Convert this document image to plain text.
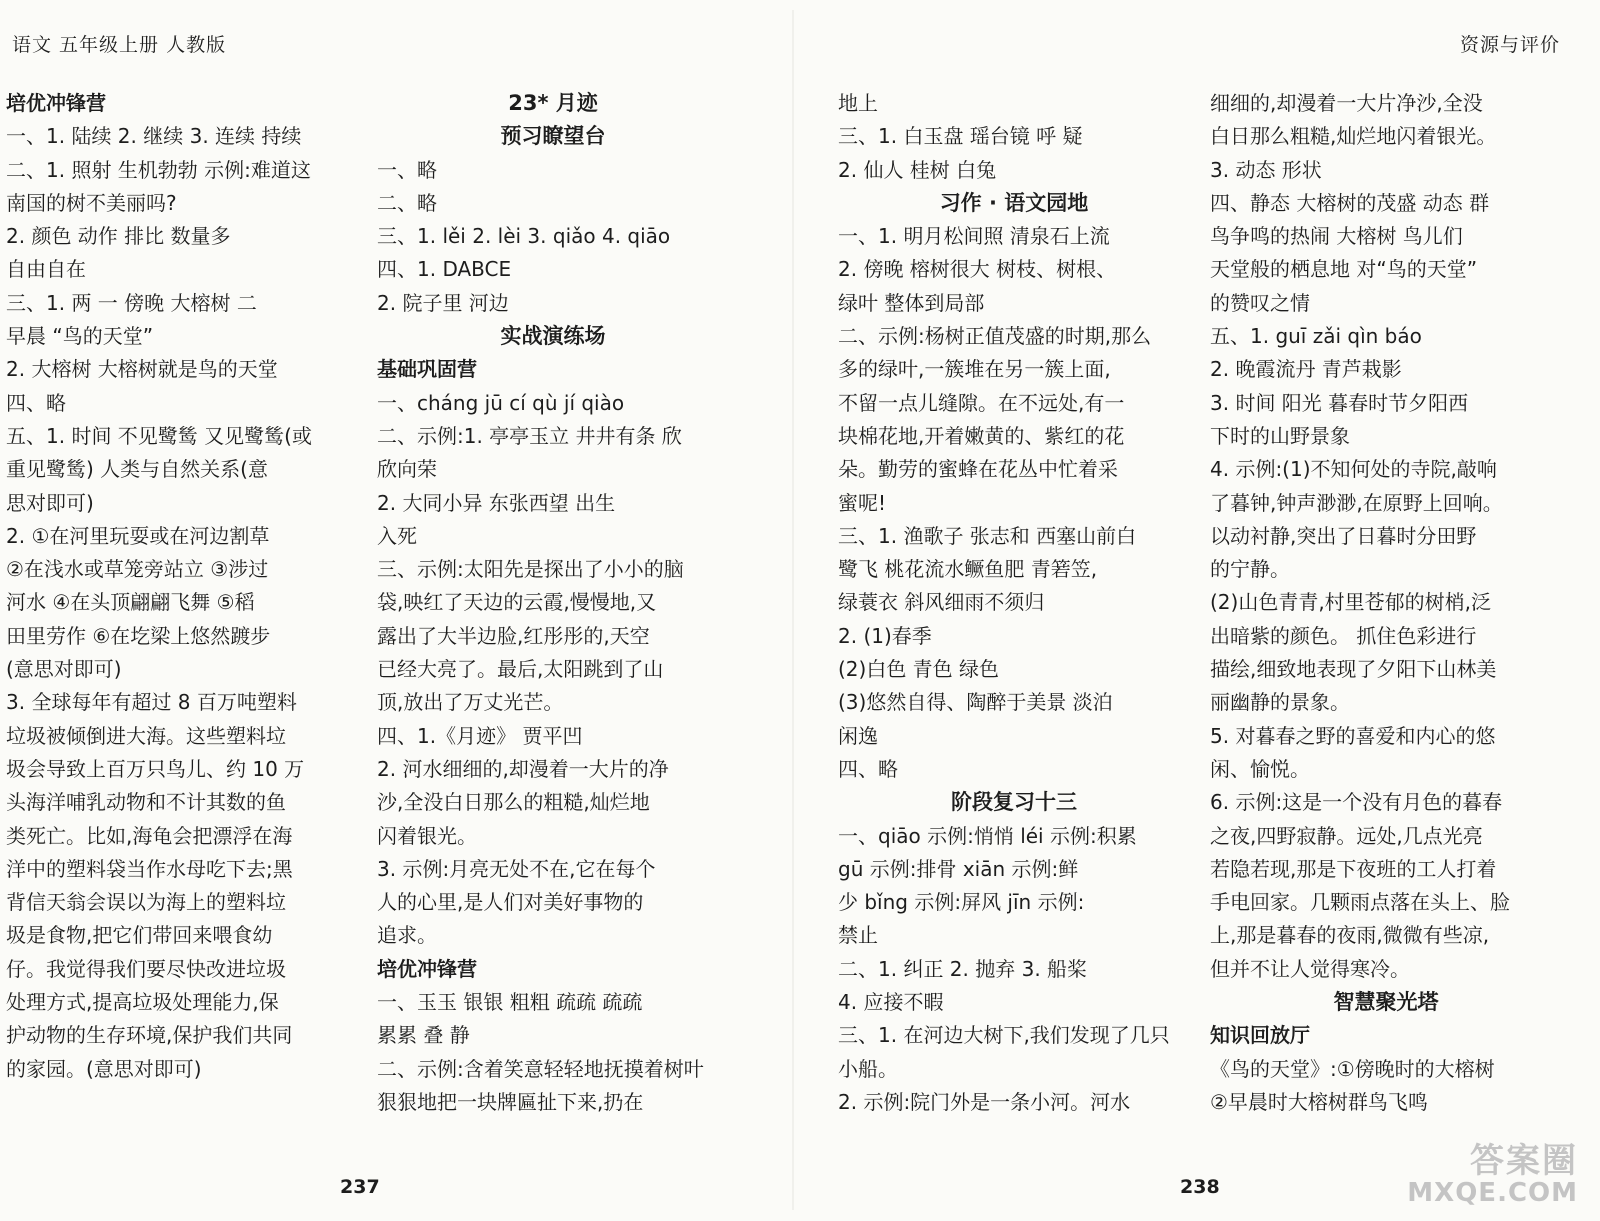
语文 五年级上册 人教版	资源与评价
培优冲锋营
一、1. 陆续 2. 继续 3. 连续 持续
二、1. 照射 生机勃勃 示例:难道这
南国的树不美丽吗?
2. 颜色 动作 排比 数量多
自由自在
三、1. 两 一 傍晚 大榕树 二
早晨 “鸟的天堂”
2. 大榕树 大榕树就是鸟的天堂
四、略
五、1. 时间 不见鹭鸶 又见鹭鸶(或
重见鹭鸶) 人类与自然关系(意
思对即可)
2. ①在河里玩耍或在河边割草
②在浅水或草笼旁站立 ③涉过
河水 ④在头顶翩翩飞舞 ⑤稻
田里劳作 ⑥在圪梁上悠然踱步
(意思对即可)
3. 全球每年有超过 8 百万吨塑料
垃圾被倾倒进大海。这些塑料垃
圾会导致上百万只鸟儿、约 10 万
头海洋哺乳动物和不计其数的鱼
类死亡。比如,海龟会把漂浮在海
洋中的塑料袋当作水母吃下去;黑
背信天翁会误以为海上的塑料垃
圾是食物,把它们带回来喂食幼
仔。我觉得我们要尽快改进垃圾
处理方式,提高垃圾处理能力,保
护动物的生存环境,保护我们共同
的家园。(意思对即可)
23* 月迹
预习瞭望台
一、略
二、略
三、1. lěi 2. lèi 3. qiǎo 4. qiāo
四、1. DABCE
2. 院子里 河边
实战演练场
基础巩固营
一、cháng jū cí qù jí qiào
二、示例:1. 亭亭玉立 井井有条 欣
欣向荣
2. 大同小异 东张西望 出生
入死
三、示例:太阳先是探出了小小的脑
袋,映红了天边的云霞,慢慢地,又
露出了大半边脸,红彤彤的,天空
已经大亮了。最后,太阳跳到了山
顶,放出了万丈光芒。
四、1.《月迹》 贾平凹
2. 河水细细的,却漫着一大片的净
沙,全没白日那么的粗糙,灿烂地
闪着银光。
3. 示例:月亮无处不在,它在每个
人的心里,是人们对美好事物的
追求。
培优冲锋营
一、玉玉 银银 粗粗 疏疏 疏疏
累累 叠 静
二、示例:含着笑意轻轻地抚摸着树叶
狠狠地把一块牌匾扯下来,扔在
地上
三、1. 白玉盘 瑶台镜 呼 疑
2. 仙人 桂树 白兔
习作 · 语文园地
一、1. 明月松间照 清泉石上流
2. 傍晚 榕树很大 树枝、树根、
绿叶 整体到局部
二、示例:杨树正值茂盛的时期,那么
多的绿叶,一簇堆在另一簇上面,
不留一点儿缝隙。在不远处,有一
块棉花地,开着嫩黄的、紫红的花
朵。勤劳的蜜蜂在花丛中忙着采
蜜呢!
三、1. 渔歌子 张志和 西塞山前白
鹭飞 桃花流水鳜鱼肥 青箬笠,
绿蓑衣 斜风细雨不须归
2. (1)春季
(2)白色 青色 绿色
(3)悠然自得、陶醉于美景 淡泊
闲逸
四、略
阶段复习十三
一、qiāo 示例:悄悄 léi 示例:积累
gū 示例:排骨 xiān 示例:鲜
少 bǐng 示例:屏风 jīn 示例:
禁止
二、1. 纠正 2. 抛弃 3. 船桨
4. 应接不暇
三、1. 在河边大树下,我们发现了几只
小船。
2. 示例:院门外是一条小河。河水
细细的,却漫着一大片净沙,全没
白日那么粗糙,灿烂地闪着银光。
3. 动态 形状
四、静态 大榕树的茂盛 动态 群
鸟争鸣的热闹 大榕树 鸟儿们
天堂般的栖息地 对“鸟的天堂”
的赞叹之情
五、1. guī zǎi qìn báo
2. 晚霞流丹 青芦栽影
3. 时间 阳光 暮春时节夕阳西
下时的山野景象
4. 示例:(1)不知何处的寺院,敲响
了暮钟,钟声渺渺,在原野上回响。
以动衬静,突出了日暮时分田野
的宁静。
(2)山色青青,村里苍郁的树梢,泛
出暗紫的颜色。 抓住色彩进行
描绘,细致地表现了夕阳下山林美
丽幽静的景象。
5. 对暮春之野的喜爱和内心的悠
闲、愉悦。
6. 示例:这是一个没有月色的暮春
之夜,四野寂静。远处,几点光亮
若隐若现,那是下夜班的工人打着
手电回家。几颗雨点落在头上、脸
上,那是暮春的夜雨,微微有些凉,
但并不让人觉得寒冷。
智慧聚光塔
知识回放厅
《鸟的天堂》:①傍晚时的大榕树
②早晨时大榕树群鸟飞鸣
237	238
答案圈
MXQE.COM
